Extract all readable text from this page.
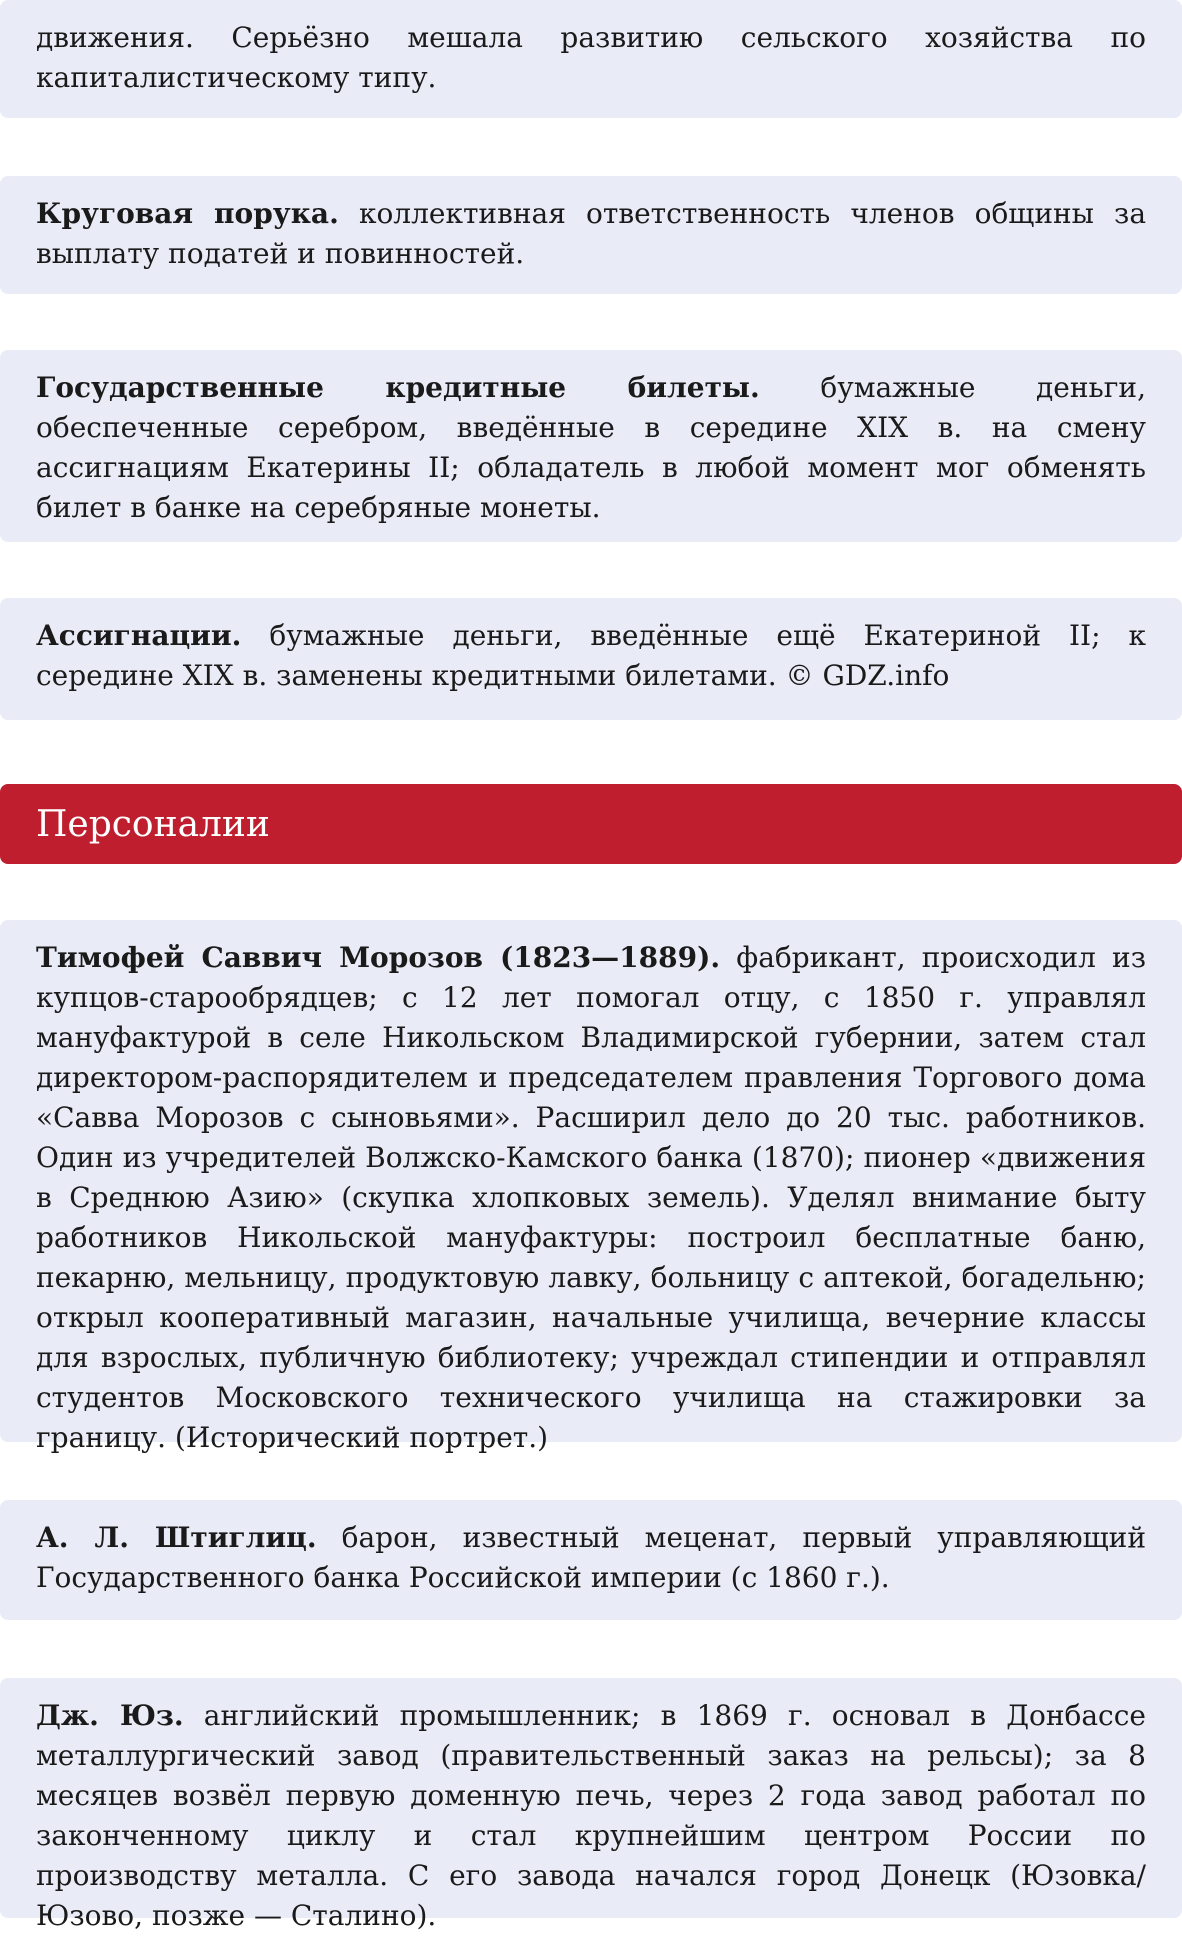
движения. Серьёзно мешала развитию сельского хозяйства по капиталистическому типу.

Круговая порука. коллективная ответственность членов общины за выплату податей и повинностей.

Государственные кредитные билеты. бумажные деньги, обеспеченные серебром, введённые в середине XIX в. на смену ассигнациям Екатерины II; обладатель в любой момент мог обменять билет в банке на серебряные монеты.

Ассигнации. бумажные деньги, введённые ещё Екатериной II; к середине XIX в. заменены кредитными билетами. © GDZ.info

Персоналии

Тимофей Саввич Морозов (1823—1889). фабрикант, происходил из купцов-старообрядцев; с 12 лет помогал отцу, с 1850 г. управлял мануфактурой в селе Никольском Владимирской губернии, затем стал директором-распорядителем и председателем правления Торгового дома «Савва Морозов с сыновьями». Расширил дело до 20 тыс. работников. Один из учредителей Волжско-Камского банка (1870); пионер «движения в Среднюю Азию» (скупка хлопковых земель). Уделял внимание быту работников Никольской мануфактуры: построил бесплатные баню, пекарню, мельницу, продуктовую лавку, больницу с аптекой, богадельню; открыл кооперативный магазин, начальные училища, вечерние классы для взрослых, публичную библиотеку; учреждал стипендии и отправлял студентов Московского технического училища на стажировки за границу. (Исторический портрет.)

А. Л. Штиглиц. барон, известный меценат, первый управляющий Государственного банка Российской империи (с 1860 г.).

Дж. Юз. английский промышленник; в 1869 г. основал в Донбассе металлургический завод (правительственный заказ на рельсы); за 8 месяцев возвёл первую доменную печь, через 2 года завод работал по законченному циклу и стал крупнейшим центром России по производству металла. С его завода начался город Донецк (Юзовка/Юзово, позже — Сталино).
